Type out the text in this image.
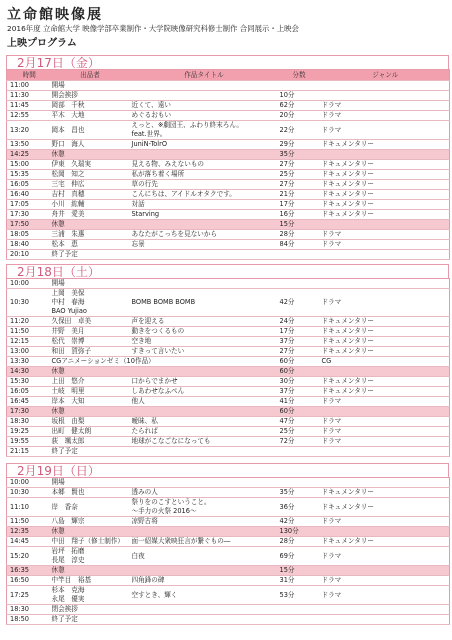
立命館映像展
2016年度 立命館大学 映像学部卒業制作・大学院映像研究科修士制作 合同展示・上映会
上映プログラム
2月17日（金）
時間	出品者	作品タイトル	分数	ジャンル
11:00	開場			

11:30	開会挨拶		10分	
11:45	岡部　千秋	近くて、遠い	62分	ドラマ
12:55	平木　大地	めぐるおもい	20分	ドラマ
13:20	岡本　昌也	えっと、※劇団王、ふわり終末ろん。
feat.世界。	22分	ドラマ
13:50	野口　海人	JuniN-TolrO	29分	ドキュメンタリー
14:25	休憩		35分	
15:00	伊東　久瑞実	見える物、みえないもの	27分	ドキュメンタリー
15:35	松岡　知之	私が落ち着く場所	25分	ドキュメンタリー
16:05	三宅　伸広	草の行先	27分	ドキュメンタリー
16:40	吉村　真穂	こんにちは、アイドルオタクです。	21分	ドキュメンタリー
17:05	小川　紘輔	対話	17分	ドキュメンタリー
17:30	舟井　愛美	Starving	16分	ドキュメンタリー
17:50	休憩		15分	
18:05	三浦　朱惠	あなたがこっちを見ないから	28分	ドラマ
18:40	松本　恵	忘景	84分	ドラマ
20:10	終了予定			

2月18日（土）
10:00	開場			

10:30	上岡　美保
中村　春海
BAO Yujiao	BOMB BOMB BOMB	42分	ドラマ
11:20	久保田　卓美	声を迎える	24分	ドキュメンタリー
11:50	井野　美月	動きをつくるもの	17分	ドキュメンタリー
12:15	松代　崇博	空き地	37分	ドキュメンタリー
13:00	和田　賀弥子	すきって言いたい	27分	ドキュメンタリー
13:30	CGアニメーションゼミ（10作品）		60分	CG
14:30	休憩		60分	
15:30	上田　悠介	口からでまかせ	30分	ドキュメンタリー
16:05	土岐　明里	しあわせなふぺん	37分	ドキュメンタリー
16:45	岸本　大知	他人	41分	ドラマ
17:30	休憩		60分	
18:30	坂根　由梨	曖昧、私	47分	ドラマ
19:25	出町　健太朗	たられば	25分	ドラマ
19:55	荻　颯太郎	地球がこなごなになっても	72分	ドラマ
21:15	終了予定			

2月19日（日）
10:00	開場			

10:30	本郷　賢也	透みの人	35分	ドキュメンタリー
11:10	岸　香奈	祭りをのこすということ。
～手力の火祭 2016～	36分	ドキュメンタリー
11:50	八島　輝宗	凉野古将	42分	ドラマ
12:35	休憩		130分	
14:45	中田　翔子（修士制作）	面一紹媒大衆映狂言が繋ぐもの―	28分	ドキュメンタリー
15:20	岩坪　拓磨
長尾　淳史	白夜	69分	ドラマ
16:35	休憩		15分	
16:50	中竿目　裕基	四角鋒の碑	31分	ドラマ
17:25	杉本　克海
永尾　優実	空すとき、輝く	53分	ドラマ
18:30	閉会挨拶			

18:50	終了予定			
